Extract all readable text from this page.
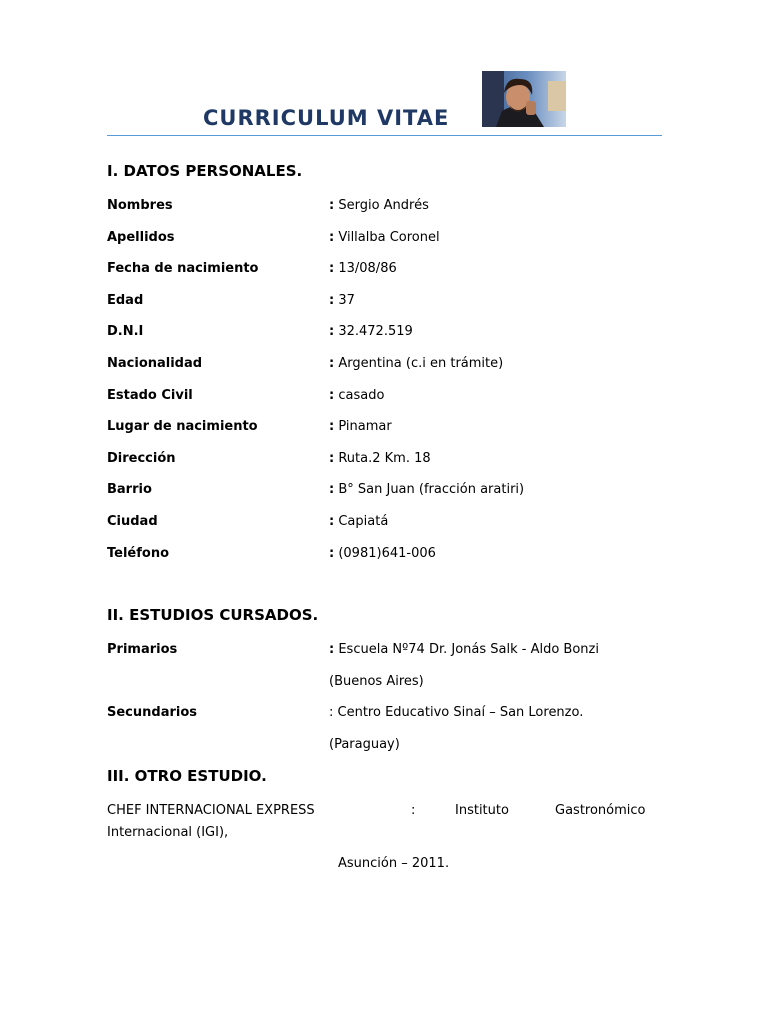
CURRICULUM VITAE
I. DATOS PERSONALES.
Nombres	: Sergio Andrés
Apellidos	: Villalba Coronel
Fecha de nacimiento	: 13/08/86
Edad	: 37
D.N.I	: 32.472.519
Nacionalidad	: Argentina (c.i en trámite)
Estado Civil	: casado
Lugar de nacimiento	: Pinamar
Dirección	: Ruta.2 Km. 18
Barrio	: B° San Juan (fracción aratiri)
Ciudad	: Capiatá
Teléfono	: (0981)641-006
II. ESTUDIOS CURSADOS.
Primarios	: Escuela Nº74 Dr. Jonás Salk - Aldo Bonzi
(Buenos Aires)
Secundarios	: Centro Educativo Sinaí – San Lorenzo.
(Paraguay)
III. OTRO ESTUDIO.
CHEF INTERNACIONAL EXPRESS	:	Instituto	Gastronómico
Internacional (IGI),
Asunción – 2011.
